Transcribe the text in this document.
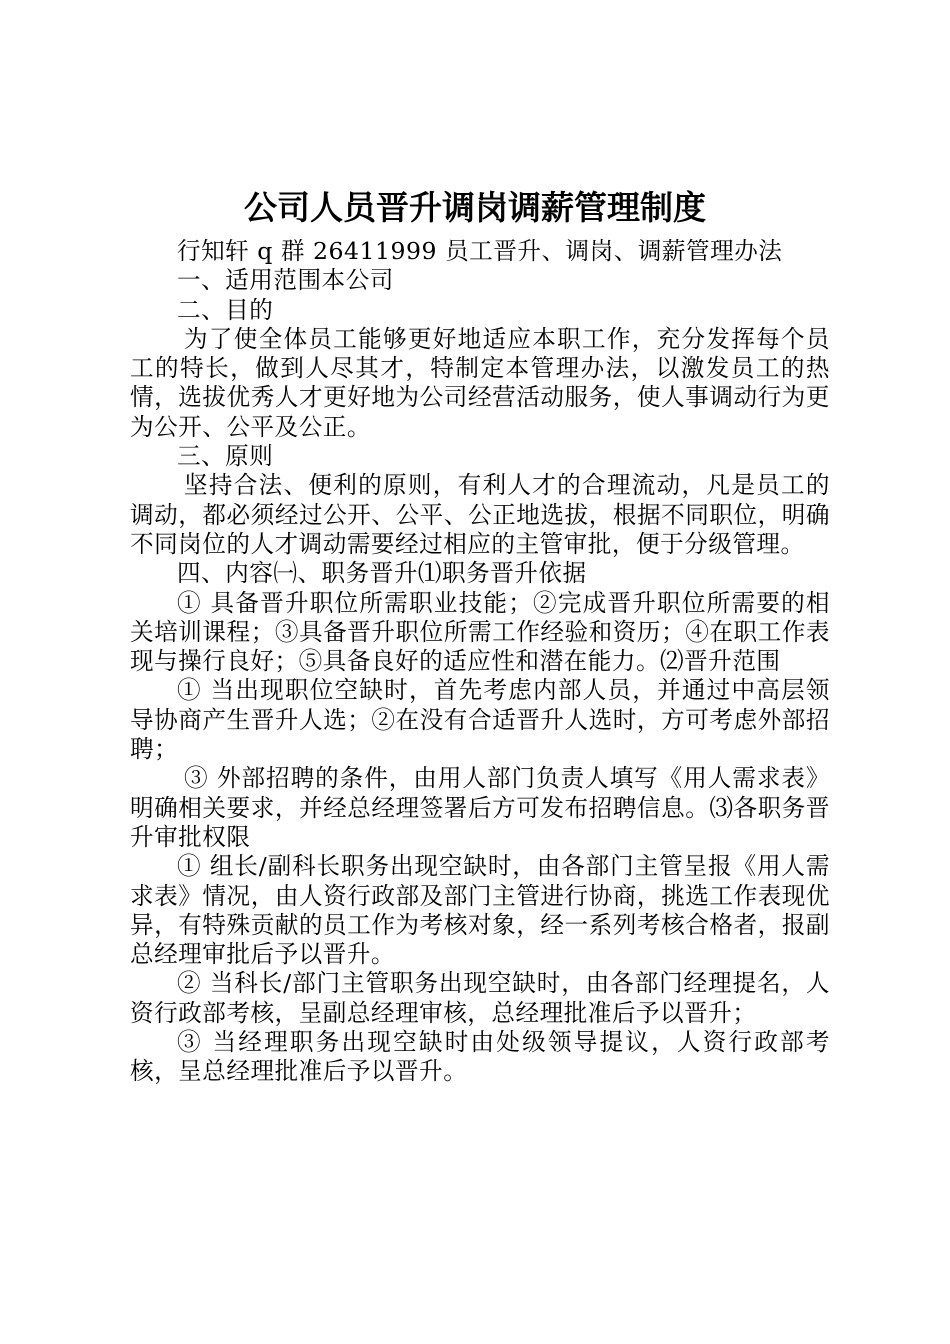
公司人员晋升调岗调薪管理制度

行知轩 q 群 26411999 员工晋升、调岗、调薪管理办法

一、适用范围本公司

二、目的

为了使全体员工能够更好地适应本职工作，充分发挥每个员工的特长，做到人尽其才，特制定本管理办法，以激发员工的热情，选拔优秀人才更好地为公司经营活动服务，使人事调动行为更为公开、公平及公正。

三、原则

坚持合法、便利的原则，有利人才的合理流动，凡是员工的调动，都必须经过公开、公平、公正地选拔，根据不同职位，明确不同岗位的人才调动需要经过相应的主管审批，便于分级管理。

四、内容㈠、职务晋升⑴职务晋升依据

① 具备晋升职位所需职业技能；②完成晋升职位所需要的相关培训课程；③具备晋升职位所需工作经验和资历；④在职工作表现与操行良好；⑤具备良好的适应性和潜在能力。⑵晋升范围

① 当出现职位空缺时，首先考虑内部人员，并通过中高层领导协商产生晋升人选；②在没有合适晋升人选时，方可考虑外部招聘；

③ 外部招聘的条件，由用人部门负责人填写《用人需求表》明确相关要求，并经总经理签署后方可发布招聘信息。⑶各职务晋升审批权限

① 组长/副科长职务出现空缺时，由各部门主管呈报《用人需求表》情况，由人资行政部及部门主管进行协商，挑选工作表现优异，有特殊贡献的员工作为考核对象，经一系列考核合格者，报副总经理审批后予以晋升。

② 当科长/部门主管职务出现空缺时，由各部门经理提名，人资行政部考核，呈副总经理审核，总经理批准后予以晋升；

③ 当经理职务出现空缺时由处级领导提议，人资行政部考核，呈总经理批准后予以晋升。
